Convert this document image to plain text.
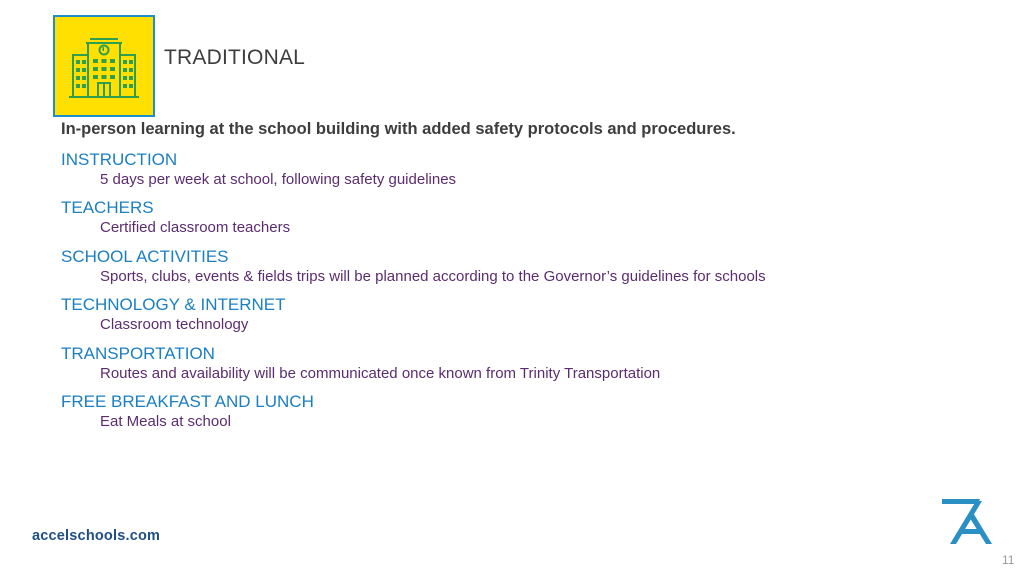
TRADITIONAL
In-person learning at the school building with added safety protocols and procedures.
INSTRUCTION
5 days per week at school, following safety guidelines
TEACHERS
Certified classroom teachers
SCHOOL ACTIVITIES
Sports, clubs, events & fields trips will be planned according to the Governor’s guidelines for schools
TECHNOLOGY & INTERNET
Classroom technology
TRANSPORTATION
Routes and availability will be communicated once known from Trinity Transportation
FREE BREAKFAST AND LUNCH
Eat Meals at school
accelschools.com
11
